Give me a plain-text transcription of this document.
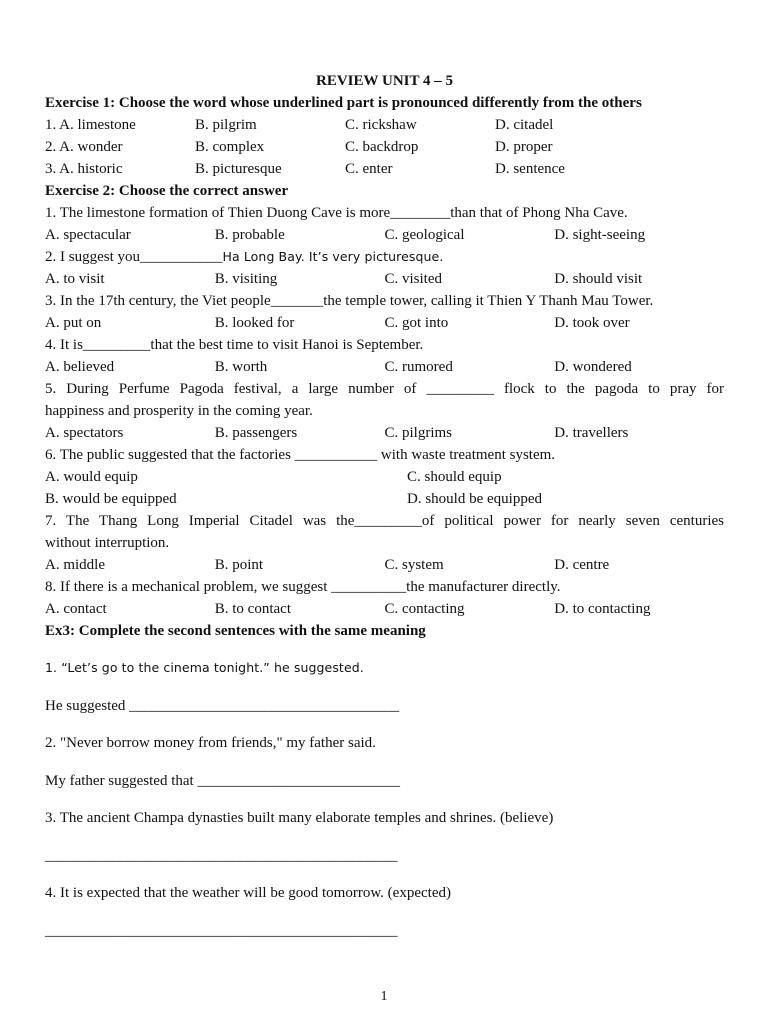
REVIEW UNIT 4 – 5
Exercise 1: Choose the word whose underlined part is pronounced differently from the others
1. A. limestone	B. pilgrim	C. rickshaw	D. citadel
2. A. wonder	B. complex	C. backdrop	D. proper
3. A. historic	B. picturesque	C. enter	D. sentence
Exercise 2: Choose the correct answer
1. The limestone formation of Thien Duong Cave is more________than that of Phong Nha Cave.
A. spectacular	B. probable	C. geological	D. sight-seeing
2. I suggest you___________Ha Long Bay. It’s very picturesque.
A. to visit	B. visiting	C. visited	D. should visit
3. In the 17th century, the Viet people_______the temple tower, calling it Thien Y Thanh Mau Tower.
A. put on	B. looked for	C. got into	D. took over
4. It is_________that the best time to visit Hanoi is September.
A. believed	B. worth	C. rumored	D. wondered
5. During Perfume Pagoda festival, a large number of _________ flock to the pagoda to pray for
happiness and prosperity in the coming year.
A. spectators	B. passengers	C. pilgrims	D. travellers
6. The public suggested that the factories ___________ with waste treatment system.
A. would equip	C. should equip
B. would be equipped	D. should be equipped
7. The Thang Long Imperial Citadel was the_________of political power for nearly seven centuries
without interruption.
A. middle	B. point	C. system	D. centre
8. If there is a mechanical problem, we suggest __________the manufacturer directly.
A. contact	B. to contact	C. contacting	D. to contacting
Ex3: Complete the second sentences with the same meaning
1. “Let’s go to the cinema tonight.” he suggested.
He suggested ____________________________________
2. "Never borrow money from friends," my father said.
My father suggested that ___________________________
3. The ancient Champa dynasties built many elaborate temples and shrines. (believe)
_______________________________________________
4. It is expected that the weather will be good tomorrow. (expected)
_______________________________________________
1
